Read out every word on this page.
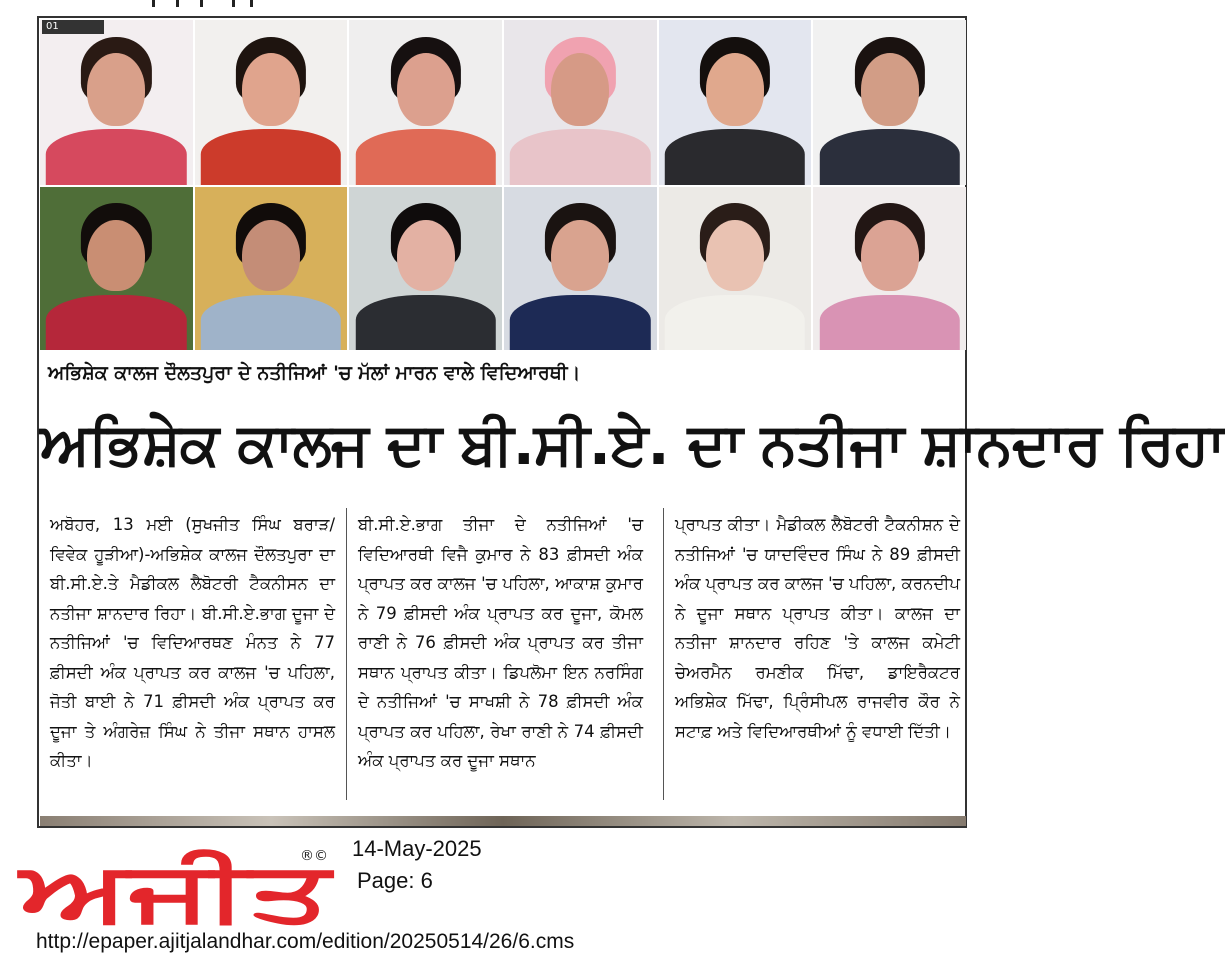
01
ਅਭਿਸ਼ੇਕ ਕਾਲਜ ਦੌਲਤਪੁਰਾ ਦੇ ਨਤੀਜਿਆਂ 'ਚ ਮੱਲਾਂ ਮਾਰਨ ਵਾਲੇ ਵਿਦਿਆਰਥੀ।
ਅਭਿਸ਼ੇਕ ਕਾਲਜ ਦਾ ਬੀ.ਸੀ.ਏ. ਦਾ ਨਤੀਜਾ ਸ਼ਾਨਦਾਰ ਰਿਹਾ
ਅਬੋਹਰ, 13 ਮਈ (ਸੁਖਜੀਤ ਸਿੰਘ ਬਰਾੜ/ਵਿਵੇਕ ਹੂੜੀਆ)-ਅਭਿਸ਼ੇਕ ਕਾਲਜ ਦੌਲਤਪੁਰਾ ਦਾ ਬੀ.ਸੀ.ਏ.ਤੇ ਮੈਡੀਕਲ ਲੈਬੋਟਰੀ ਟੈਕਨੀਸਨ ਦਾ ਨਤੀਜਾ ਸ਼ਾਨਦਾਰ ਰਿਹਾ। ਬੀ.ਸੀ.ਏ.ਭਾਗ ਦੂਜਾ ਦੇ ਨਤੀਜਿਆਂ 'ਚ ਵਿਦਿਆਰਥਣ ਮੰਨਤ ਨੇ 77 ਫ਼ੀਸਦੀ ਅੰਕ ਪ੍ਰਾਪਤ ਕਰ ਕਾਲਜ 'ਚ ਪਹਿਲਾ, ਜੋਤੀ ਬਾਈ ਨੇ 71 ਫ਼ੀਸਦੀ ਅੰਕ ਪ੍ਰਾਪਤ ਕਰ ਦੂਜਾ ਤੇ ਅੰਗਰੇਜ਼ ਸਿੰਘ ਨੇ ਤੀਜਾ ਸਥਾਨ ਹਾਸਲ ਕੀਤਾ।
ਬੀ.ਸੀ.ਏ.ਭਾਗ ਤੀਜਾ ਦੇ ਨਤੀਜਿਆਂ 'ਚ ਵਿਦਿਆਰਥੀ ਵਿਜੈ ਕੁਮਾਰ ਨੇ 83 ਫ਼ੀਸਦੀ ਅੰਕ ਪ੍ਰਾਪਤ ਕਰ ਕਾਲਜ 'ਚ ਪਹਿਲਾ, ਆਕਾਸ਼ ਕੁਮਾਰ ਨੇ 79 ਫ਼ੀਸਦੀ ਅੰਕ ਪ੍ਰਾਪਤ ਕਰ ਦੂਜਾ, ਕੋਮਲ ਰਾਣੀ ਨੇ 76 ਫ਼ੀਸਦੀ ਅੰਕ ਪ੍ਰਾਪਤ ਕਰ ਤੀਜਾ ਸਥਾਨ ਪ੍ਰਾਪਤ ਕੀਤਾ। ਡਿਪਲੋਮਾ ਇਨ ਨਰਸਿੰਗ ਦੇ ਨਤੀਜਿਆਂ 'ਚ ਸਾਖਸ਼ੀ ਨੇ 78 ਫ਼ੀਸਦੀ ਅੰਕ ਪ੍ਰਾਪਤ ਕਰ ਪਹਿਲਾ, ਰੇਖਾ ਰਾਣੀ ਨੇ 74 ਫ਼ੀਸਦੀ ਅੰਕ ਪ੍ਰਾਪਤ ਕਰ ਦੂਜਾ ਸਥਾਨ
ਪ੍ਰਾਪਤ ਕੀਤਾ। ਮੈਡੀਕਲ ਲੈਬੋਟਰੀ ਟੈਕਨੀਸ਼ਨ ਦੇ ਨਤੀਜਿਆਂ 'ਚ ਯਾਦਵਿੰਦਰ ਸਿੰਘ ਨੇ 89 ਫ਼ੀਸਦੀ ਅੰਕ ਪ੍ਰਾਪਤ ਕਰ ਕਾਲਜ 'ਚ ਪਹਿਲਾ, ਕਰਨਦੀਪ ਨੇ ਦੂਜਾ ਸਥਾਨ ਪ੍ਰਾਪਤ ਕੀਤਾ। ਕਾਲਜ ਦਾ ਨਤੀਜਾ ਸ਼ਾਨਦਾਰ ਰਹਿਣ 'ਤੇ ਕਾਲਜ ਕਮੇਟੀ ਚੇਅਰਮੈਨ ਰਮਣੀਕ ਮਿੱਢਾ, ਡਾਇਰੈਕਟਰ ਅਭਿਸ਼ੇਕ ਮਿੱਢਾ, ਪ੍ਰਿੰਸੀਪਲ ਰਾਜਵੀਰ ਕੌਰ ਨੇ ਸਟਾਫ਼ ਅਤੇ ਵਿਦਿਆਰਥੀਆਂ ਨੂੰ ਵਧਾਈ ਦਿੱਤੀ।
ਅਜੀਤ
®© 14-May-2025
Page: 6
http://epaper.ajitjalandhar.com/edition/20250514/26/6.cms
